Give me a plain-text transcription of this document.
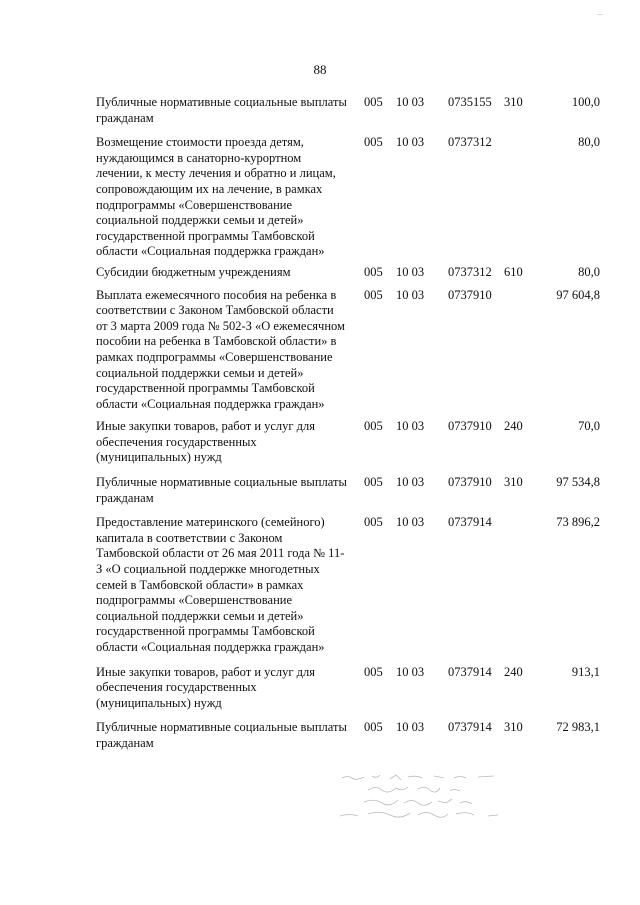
88
Публичные нормативные социальные выплаты гражданам
005	10 03	0735155 310	100,0
Возмещение стоимости проезда детям, нуждающимся в санаторно-курортном лечении, к месту лечения и обратно и лицам, сопровождающим их на лечение, в рамках подпрограммы «Совершенствование социальной поддержки семьи и детей» государственной программы Тамбовской области «Социальная поддержка граждан»
005	10 03	0737312	80,0
Субсидии бюджетным учреждениям	005	10 03	0737312 610	80,0
Выплата ежемесячного пособия на ребенка в соответствии с Законом Тамбовской области от 3 марта 2009 года № 502-З «О ежемесячном пособии на ребенка в Тамбовской области» в рамках подпрограммы «Совершенствование социальной поддержки семьи и детей» государственной программы Тамбовской области «Социальная поддержка граждан»
005	10 03	0737910	97 604,8
Иные закупки товаров, работ и услуг для обеспечения государственных (муниципальных) нужд
005	10 03	0737910 240	70,0
Публичные нормативные социальные выплаты гражданам
005	10 03	0737910 310	97 534,8
Предоставление материнского (семейного) капитала в соответствии с Законом Тамбовской области от 26 мая 2011 года № 11-З «О социальной поддержке многодетных семей в Тамбовской области» в рамках подпрограммы «Совершенствование социальной поддержки семьи и детей» государственной программы Тамбовской области «Социальная поддержка граждан»
005	10 03	0737914	73 896,2
Иные закупки товаров, работ и услуг для обеспечения государственных (муниципальных) нужд
005	10 03	0737914 240	913,1
Публичные нормативные социальные выплаты гражданам
005	10 03	0737914 310	72 983,1
